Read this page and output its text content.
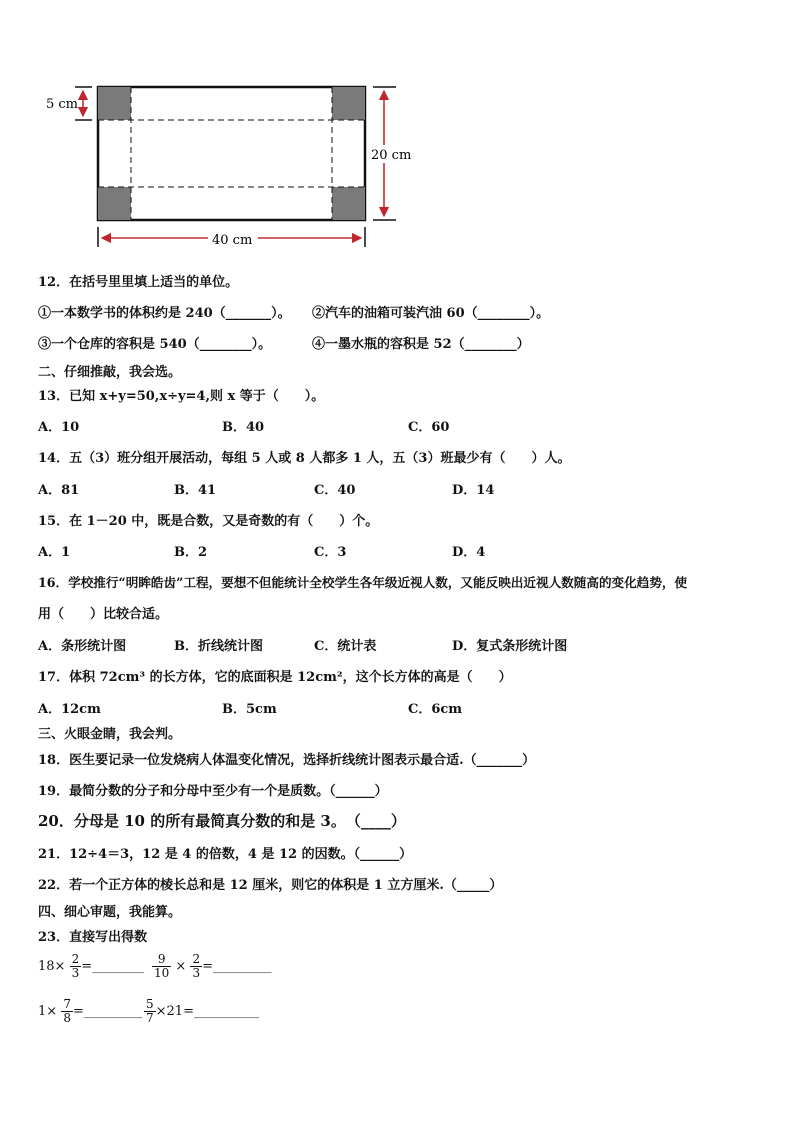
5 cm
20 cm
40 cm
12．在括号里里填上适当的单位。
①一本数学书的体积约是 240（_______）。 ②汽车的油箱可装汽油 60（________）。
③一个仓库的容积是 540（________）。	④一墨水瓶的容积是 52（________）
二、仔细推敲，我会选。
13．已知 x+y=50,x÷y=4,则 x 等于（　　）。
A．10	B．40	C．60
14．五（3）班分组开展活动，每组 5 人或 8 人都多 1 人，五（3）班最少有（　　）人。
A．81	B．41	C．40	D．14
15．在 1－20 中，既是合数，又是奇数的有（　　）个。
A．1	B．2	C．3	D．4
16．学校推行“明眸皓齿”工程，要想不但能统计全校学生各年级近视人数，又能反映出近视人数随高的变化趋势，使
用（　　）比较合适。
A．条形统计图	B．折线统计图	C．统计表	D．复式条形统计图
17．体积 72cm³ 的长方体，它的底面积是 12cm²，这个长方体的高是（　　）
A．12cm	B．5cm	C．6cm
三、火眼金睛，我会判。
18．医生要记录一位发烧病人体温变化情况，选择折线统计图表示最合适.（_______）
19．最简分数的分子和分母中至少有一个是质数。（______）
20．分母是 10 的所有最简真分数的和是 3。　（____）
21．12÷4＝3，12 是 4 的倍数，4 是 12 的因数。（______）
22．若一个正方体的棱长总和是 12 厘米，则它的体积是 1 立方厘米.（_____）
四、细心审题，我能算。
23．直接写出得数
$18\times \frac{2}{3}$ =________ $\frac{9}{10} \times \frac{2}{3}$ =_________
$1\times \frac{7}{8}$ =_________ $\frac{5}{7}$ ×21=__________
